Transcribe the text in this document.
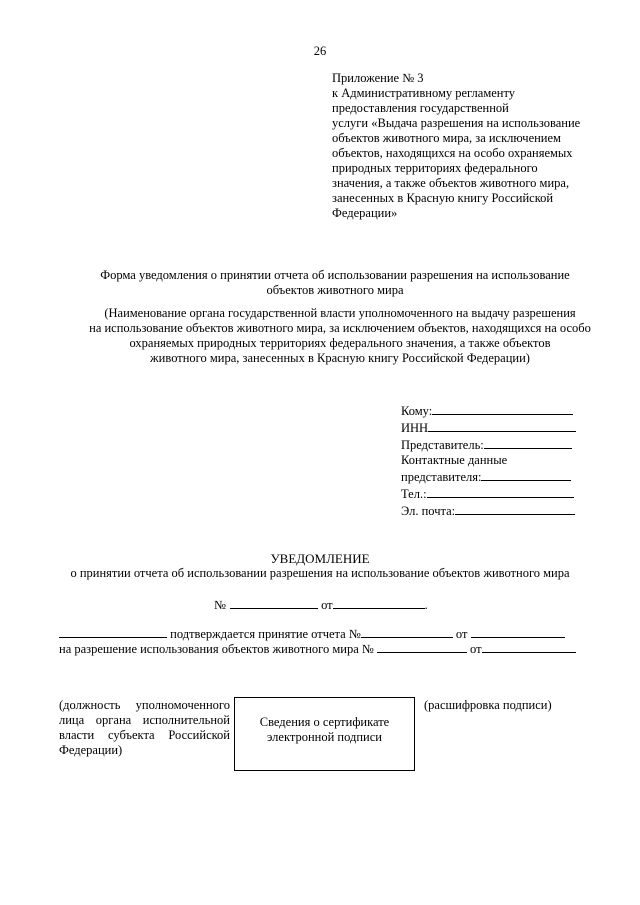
26
Приложение № 3
к Административному регламенту
предоставления государственной
услуги «Выдача разрешения на использование
объектов животного мира, за исключением
объектов, находящихся на особо охраняемых
природных территориях федерального
значения, а также объектов животного мира,
занесенных в Красную книгу Российской
Федерации»
Форма уведомления о принятии отчета об использовании разрешения на использование
объектов животного мира
(Наименование органа государственной власти уполномоченного на выдачу разрешения
на использование объектов животного мира, за исключением объектов, находящихся на особо
охраняемых природных территориях федерального значения, а также объектов
животного мира, занесенных в Красную книгу Российской Федерации)
Кому:
ИНН
Представитель:
Контактные данные
представителя:
Тел.:
Эл. почта:
УВЕДОМЛЕНИЕ
о принятии отчета об использовании разрешения на использование объектов животного мира
№	от	.
подтверждается принятие отчета №	от
на разрешение использования объектов животного мира №	от
(должность уполномоченного
лица органа исполнительной
власти субъекта Российской
Федерации)
Сведения о сертификате
электронной подписи
(расшифровка подписи)
